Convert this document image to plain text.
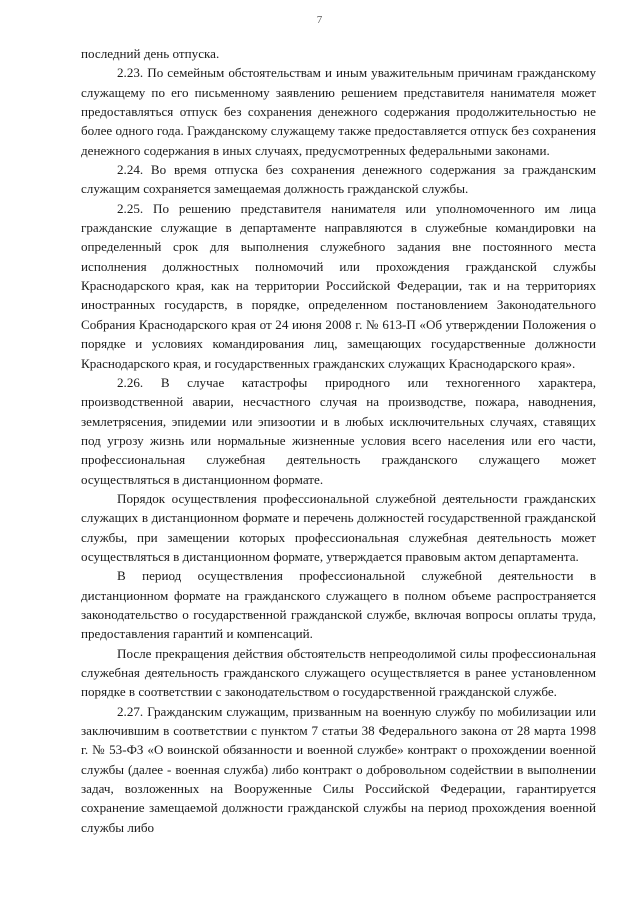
7

последний день отпуска.

2.23. По семейным обстоятельствам и иным уважительным причинам гражданскому служащему по его письменному заявлению решением представителя нанимателя может предоставляться отпуск без сохранения денежного содержания продолжительностью не более одного года. Гражданскому служащему также предоставляется отпуск без сохранения денежного содержания в иных случаях, предусмотренных федеральными законами.

2.24. Во время отпуска без сохранения денежного содержания за гражданским служащим сохраняется замещаемая должность гражданской службы.

2.25. По решению представителя нанимателя или уполномоченного им лица гражданские служащие в департаменте направляются в служебные командировки на определенный срок для выполнения служебного задания вне постоянного места исполнения должностных полномочий или прохождения гражданской службы Краснодарского края, как на территории Российской Федерации, так и на территориях иностранных государств, в порядке, определенном постановлением Законодательного Собрания Краснодарского края от 24 июня 2008 г. № 613-П «Об утверждении Положения о порядке и условиях командирования лиц, замещающих государственные должности Краснодарского края, и государственных гражданских служащих Краснодарского края».

2.26. В случае катастрофы природного или техногенного характера, производственной аварии, несчастного случая на производстве, пожара, наводнения, землетрясения, эпидемии или эпизоотии и в любых исключительных случаях, ставящих под угрозу жизнь или нормальные жизненные условия всего населения или его части, профессиональная служебная деятельность гражданского служащего может осуществляться в дистанционном формате.

Порядок осуществления профессиональной служебной деятельности гражданских служащих в дистанционном формате и перечень должностей государственной гражданской службы, при замещении которых профессиональная служебная деятельность может осуществляться в дистанционном формате, утверждается правовым актом департамента.

В период осуществления профессиональной служебной деятельности в дистанционном формате на гражданского служащего в полном объеме распространяется законодательство о государственной гражданской службе, включая вопросы оплаты труда, предоставления гарантий и компенсаций.

После прекращения действия обстоятельств непреодолимой силы профессиональная служебная деятельность гражданского служащего осуществляется в ранее установленном порядке в соответствии с законодательством о государственной гражданской службе.

2.27. Гражданским служащим, призванным на военную службу по мобилизации или заключившим в соответствии с пунктом 7 статьи 38 Федерального закона от 28 марта 1998 г. № 53-ФЗ «О воинской обязанности и военной службе» контракт о прохождении военной службы (далее - военная служба) либо контракт о добровольном содействии в выполнении задач, возложенных на Вооруженные Силы Российской Федерации, гарантируется сохранение замещаемой должности гражданской службы на период прохождения военной службы либо
